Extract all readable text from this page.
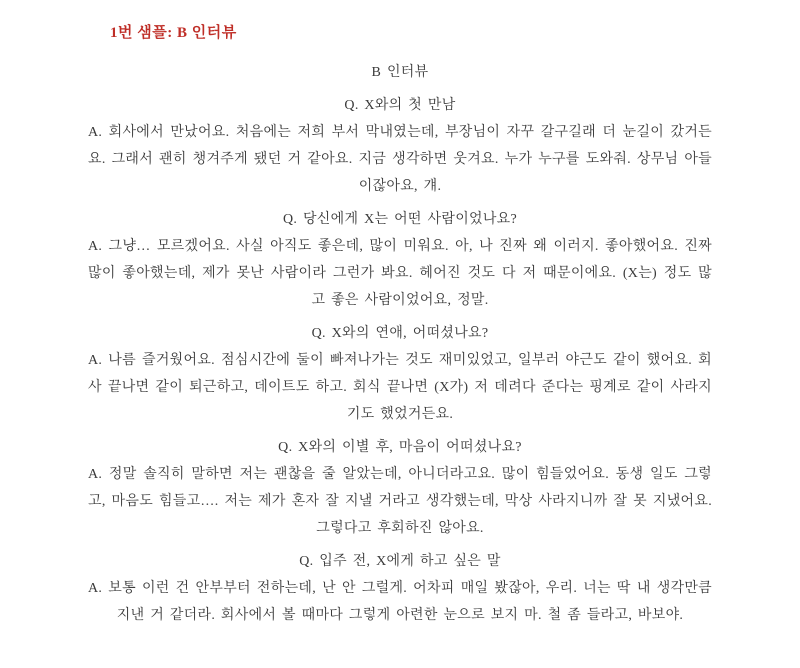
1번 샘플: B 인터뷰

B 인터뷰

Q. X와의 첫 만남

A. 회사에서 만났어요. 처음에는 저희 부서 막내였는데, 부장님이 자꾸 갈구길래 더 눈길이 갔거든요. 그래서 괜히 챙겨주게 됐던 거 같아요. 지금 생각하면 웃겨요. 누가 누구를 도와줘. 상무님 아들이잖아요, 걔.

Q. 당신에게 X는 어떤 사람이었나요?

A. 그냥… 모르겠어요. 사실 아직도 좋은데, 많이 미워요. 아, 나 진짜 왜 이러지. 좋아했어요. 진짜 많이 좋아했는데, 제가 못난 사람이라 그런가 봐요. 헤어진 것도 다 저 때문이에요. (X는) 정도 많고 좋은 사람이었어요, 정말.

Q. X와의 연애, 어떠셨나요?

A. 나름 즐거웠어요. 점심시간에 둘이 빠져나가는 것도 재미있었고, 일부러 야근도 같이 했어요. 회사 끝나면 같이 퇴근하고, 데이트도 하고. 회식 끝나면 (X가) 저 데려다 준다는 핑계로 같이 사라지기도 했었거든요.

Q. X와의 이별 후, 마음이 어떠셨나요?

A. 정말 솔직히 말하면 저는 괜찮을 줄 알았는데, 아니더라고요. 많이 힘들었어요. 동생 일도 그렇고, 마음도 힘들고…. 저는 제가 혼자 잘 지낼 거라고 생각했는데, 막상 사라지니까 잘 못 지냈어요. 그렇다고 후회하진 않아요.

Q. 입주 전, X에게 하고 싶은 말

A. 보통 이런 건 안부부터 전하는데, 난 안 그럴게. 어차피 매일 봤잖아, 우리. 너는 딱 내 생각만큼 지낸 거 같더라. 회사에서 볼 때마다 그렇게 아련한 눈으로 보지 마. 철 좀 들라고, 바보야.
